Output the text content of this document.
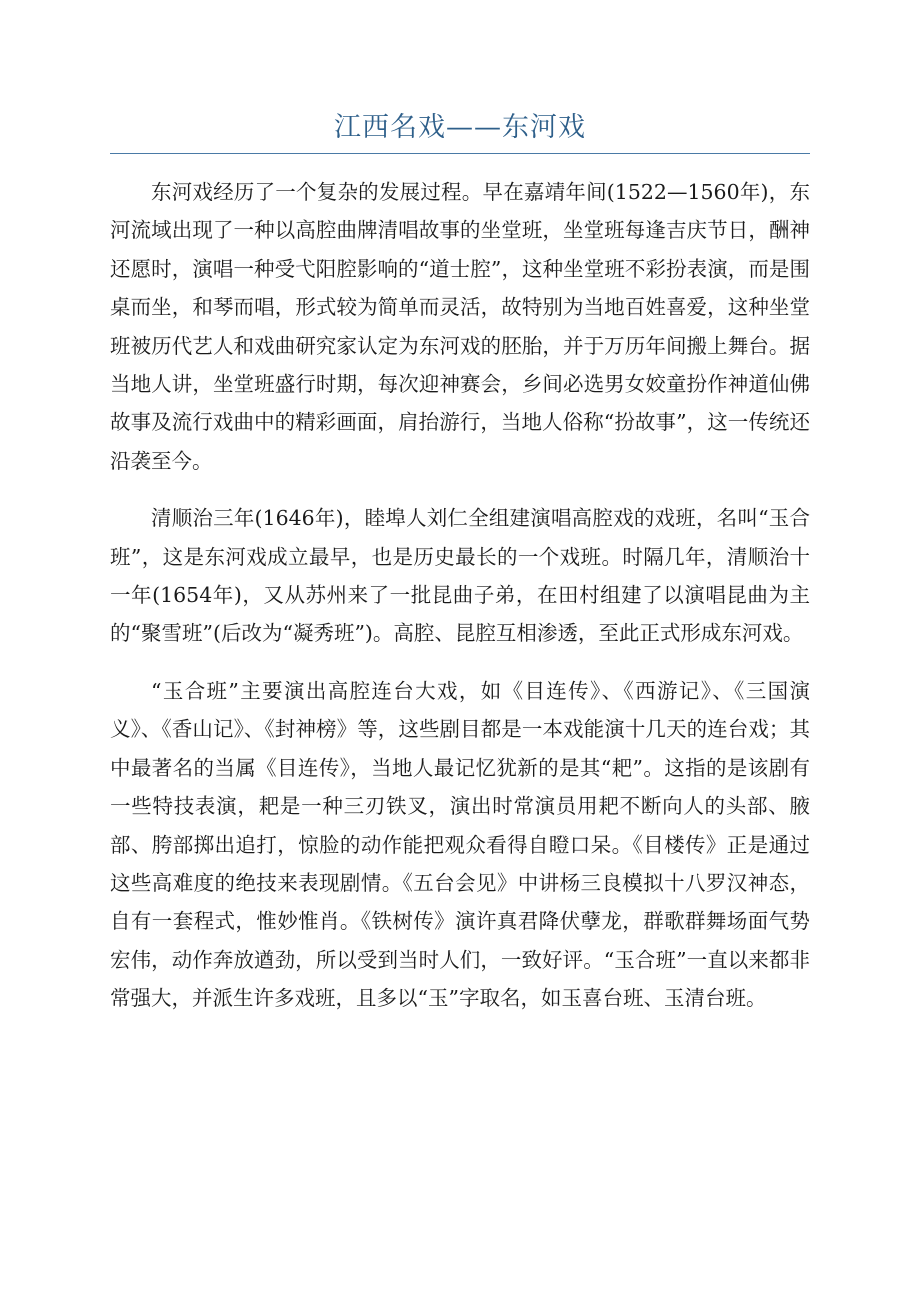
江西名戏——东河戏

东河戏经历了一个复杂的发展过程。早在嘉靖年间(1522—1560年)，东河流域出现了一种以高腔曲牌清唱故事的坐堂班，坐堂班每逢吉庆节日，酬神还愿时，演唱一种受弋阳腔影响的“道士腔”，这种坐堂班不彩扮表演，而是围桌而坐，和琴而唱，形式较为简单而灵活，故特别为当地百姓喜爱，这种坐堂班被历代艺人和戏曲研究家认定为东河戏的胚胎，并于万历年间搬上舞台。据当地人讲，坐堂班盛行时期，每次迎神赛会，乡间必选男女姣童扮作神道仙佛故事及流行戏曲中的精彩画面，肩抬游行，当地人俗称“扮故事”，这一传统还沿袭至今。

清顺治三年(1646年)，睦埠人刘仁全组建演唱高腔戏的戏班，名叫“玉合班”，这是东河戏成立最早，也是历史最长的一个戏班。时隔几年，清顺治十一年(1654年)，又从苏州来了一批昆曲子弟，在田村组建了以演唱昆曲为主的“聚雪班”(后改为“凝秀班”)。高腔、昆腔互相渗透，至此正式形成东河戏。

“玉合班”主要演出高腔连台大戏，如《目连传》、《西游记》、《三国演义》、《香山记》、《封神榜》等，这些剧目都是一本戏能演十几天的连台戏；其中最著名的当属《目连传》，当地人最记忆犹新的是其“耙”。这指的是该剧有一些特技表演，耙是一种三刃铁叉，演出时常演员用耙不断向人的头部、腋部、胯部掷出追打，惊脸的动作能把观众看得自瞪口呆。《目楼传》正是通过这些高难度的绝技来表现剧情。《五台会见》中讲杨三良模拟十八罗汉神态，自有一套程式，惟妙惟肖。《铁树传》演许真君降伏孽龙，群歌群舞场面气势宏伟，动作奔放遒劲，所以受到当时人们，一致好评。“玉合班”一直以来都非常强大，并派生许多戏班，且多以“玉”字取名，如玉喜台班、玉清台班。
